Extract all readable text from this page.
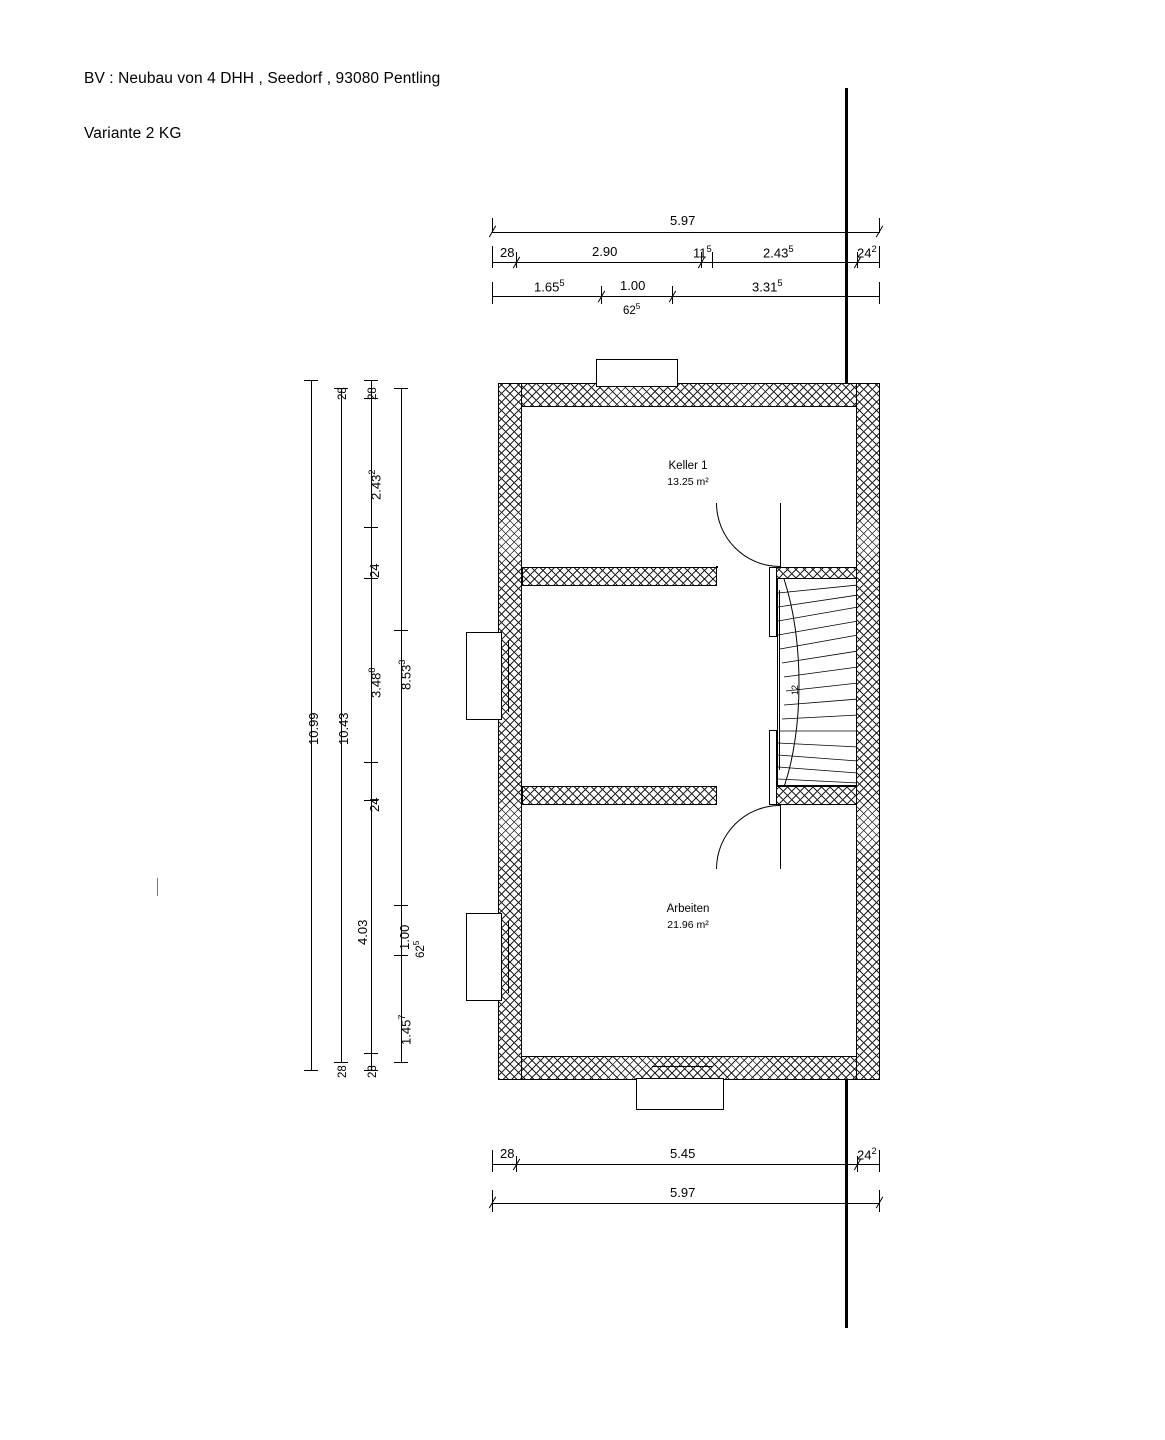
BV : Neubau von 4 DHH , Seedorf , 93080 Pentling
Variante 2 KG
5.97
28	2.90	$11^5$	2.43$^5$	$24^2$
1.65$^5$	1.00	3.31$^5$
$62^5$
10.99 10.43
28 28
2.43$^2$
24
3.48$^8$
24
4.03
28 28
8.53$^3$
1.00
$62^5$
1.45$^7$
28	5.45	$24^2$
5.97
12
Keller 1
13.25 m²
Arbeiten
21.96 m²
